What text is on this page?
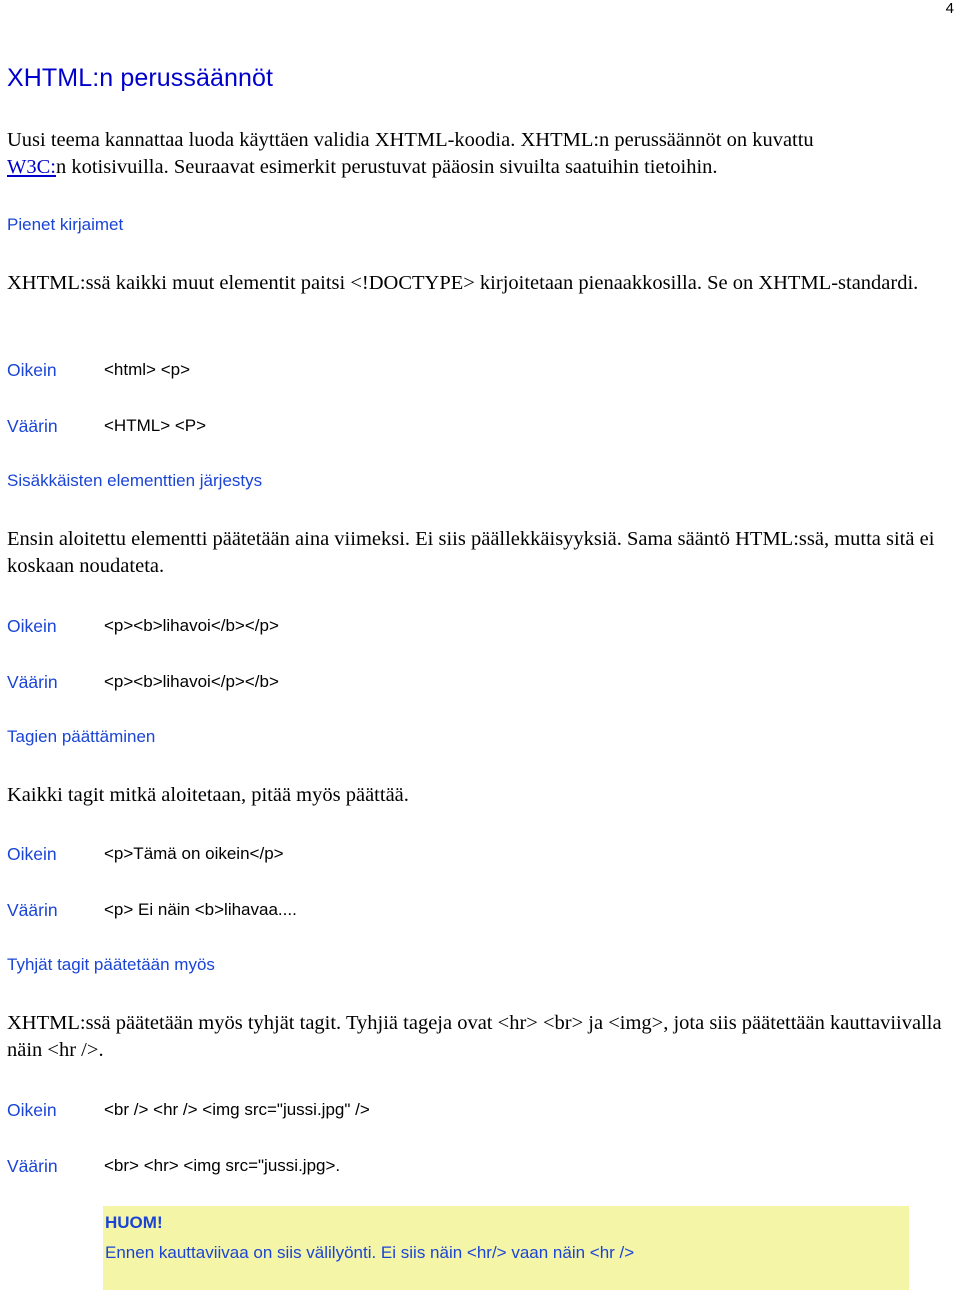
4
XHTML:n perussäännöt
Uusi teema kannattaa luoda käyttäen validia XHTML-koodia. XHTML:n perussäännöt on kuvattu
W3C:n kotisivuilla. Seuraavat esimerkit perustuvat pääosin sivuilta saatuihin tietoihin.
Pienet kirjaimet
XHTML:ssä kaikki muut elementit paitsi <!DOCTYPE> kirjoitetaan pienaakkosilla. Se on XHTML-standardi.
Oikein	<html> <p>
Väärin	<HTML> <P>
Sisäkkäisten elementtien järjestys
Ensin aloitettu elementti päätetään aina viimeksi. Ei siis päällekkäisyyksiä. Sama sääntö HTML:ssä, mutta sitä ei koskaan noudateta.
Oikein	<p><b>lihavoi</b></p>
Väärin	<p><b>lihavoi</p></b>
Tagien päättäminen
Kaikki tagit mitkä aloitetaan, pitää myös päättää.
Oikein	<p>Tämä on oikein</p>
Väärin	<p> Ei näin <b>lihavaa....
Tyhjät tagit päätetään myös
XHTML:ssä päätetään myös tyhjät tagit. Tyhjiä tageja ovat <hr> <br> ja <img>, jota siis päätettään kauttaviivalla näin <hr />.
Oikein	<br /> <hr /> <img src="jussi.jpg" />
Väärin	<br> <hr> <img src="jussi.jpg>.
HUOM!
Ennen kauttaviivaa on siis välilyönti. Ei siis näin <hr/> vaan näin <hr />
